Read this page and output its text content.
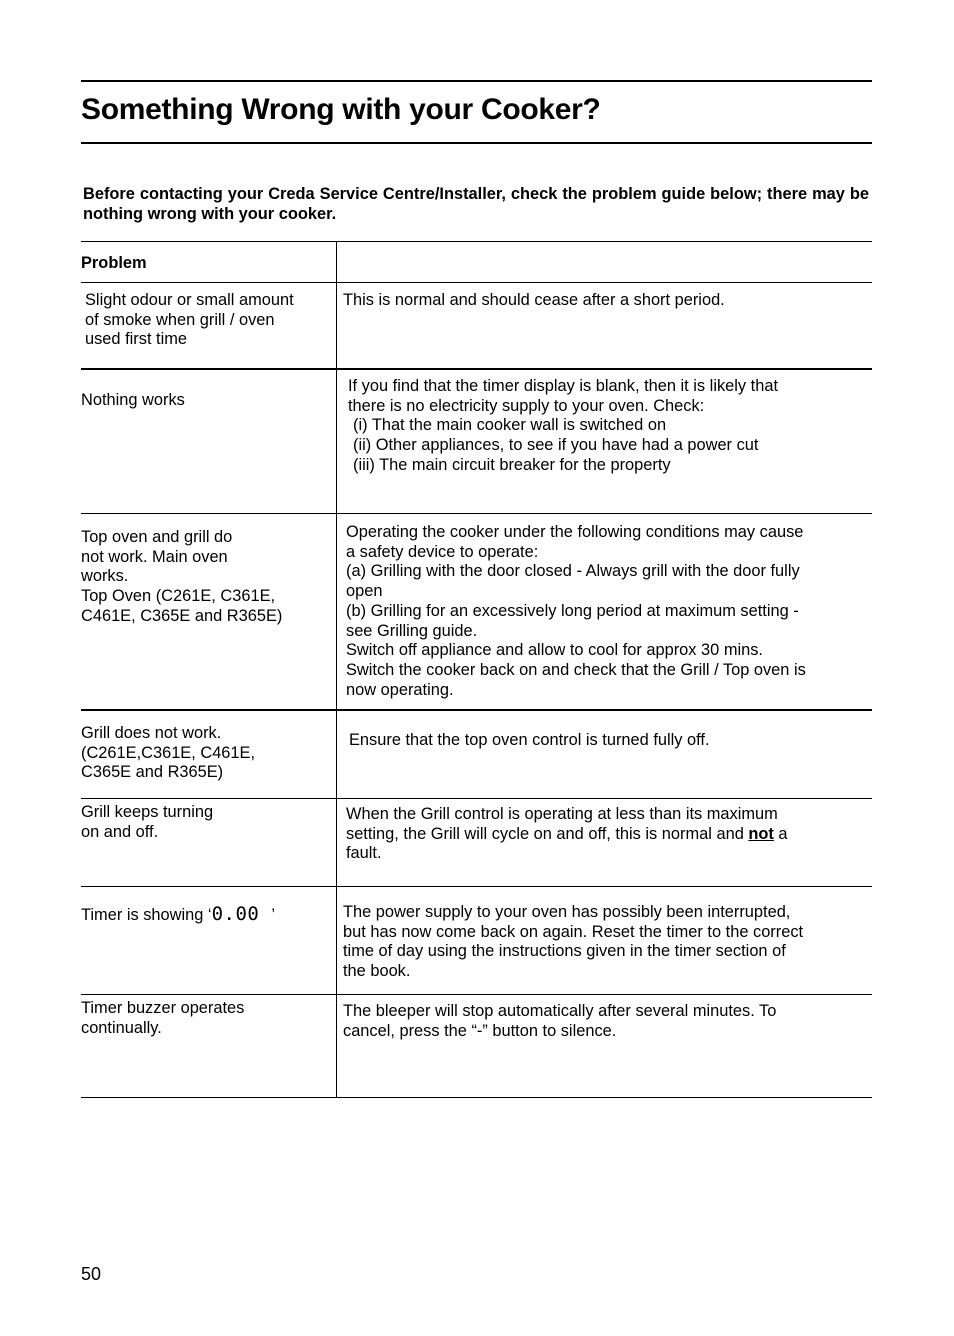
Something Wrong with your Cooker?

Before contacting your Creda Service Centre/Installer, check the problem guide below; there may be nothing wrong with your cooker.

Problem

Slight odour or small amount
of smoke when grill / oven
used first time

This is normal and should cease after a short period.

Nothing works

If you find that the timer display is blank, then it is likely that
there is no electricity supply to your oven. Check:
(i) That the main cooker wall is switched on
(ii) Other appliances, to see if you have had a power cut
(iii) The main circuit breaker for the property

Top oven and grill do
not work. Main oven
works.
Top Oven (C261E, C361E,
C461E, C365E and R365E)

Operating the cooker under the following conditions may cause
a safety device to operate:
(a) Grilling with the door closed - Always grill with the door fully
open
(b) Grilling for an excessively long period at maximum setting -
see Grilling guide.
Switch off appliance and allow to cool for approx 30 mins.
Switch the cooker back on and check that the Grill / Top oven is
now operating.

Grill does not work.
(C261E,C361E, C461E,
C365E and R365E)

Ensure that the top oven control is turned fully off.

Grill keeps turning
on and off.

When the Grill control is operating at less than its maximum
setting, the Grill will cycle on and off, this is normal and not a
fault.

Timer is showing ‘0.00 ’	The power supply to your oven has possibly been interrupted,
but has now come back on again. Reset the timer to the correct
time of day using the instructions given in the timer section of
the book.

Timer buzzer operates
continually.

The bleeper will stop automatically after several minutes. To
cancel, press the “-” button to silence.

50
